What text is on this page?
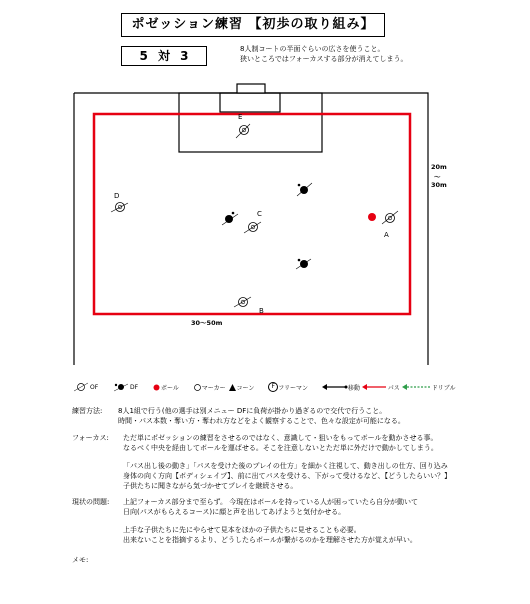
ポゼッション練習 【初歩の取り組み】
5 対 3	8人制コートの半面ぐらいの広さを使うこと。
狭いところではフォーカスする部分が消えてしまう。
E
D
C
A
B
30〜50m
20m
〜
30m
OF	DF	ボール	マーカー コーン	F フリーマン	移動	パス	ドリブル
練習方法: 8人1組で行う(他の選手は別メニュー DFに負荷が掛かり過ぎるので交代で行うこと。
時間・パス本数・奪い方・奪われ方などをよく観察することで、色々な設定が可能になる。
フォーカス: ただ単にポゼッションの練習をさせるのではなく、意識して・狙いをもってボールを動かさせる事。
なるべく中央を経由してボールを運ばせる。そこを注意しないとただ単に外だけで動かしてしまう。
「パス出し後の動き」「パスを受けた後のプレイの仕方」を細かく注視して、動き出しの仕方、回り込み
身体の向く方向【ボディシェイプ】、前に出てパスを受ける、下がって受けるなど、【どうしたらいい？】
子供たちに聞きながら気づかせてプレイを継続させる。
現状の問題: 上記フォーカス部分まで至らず。 今現在はボールを持っている人が困っていたら自分が動いて
日向(パスがもらえるコース)に顔と声を出してあげようと気付かせる。
上手な子供たちに先にやらせて見本をほかの子供たちに見せることも必要。
出来ないことを指摘するより、どうしたらボールが繋がるのかを理解させた方が覚えが早い。
メモ:
